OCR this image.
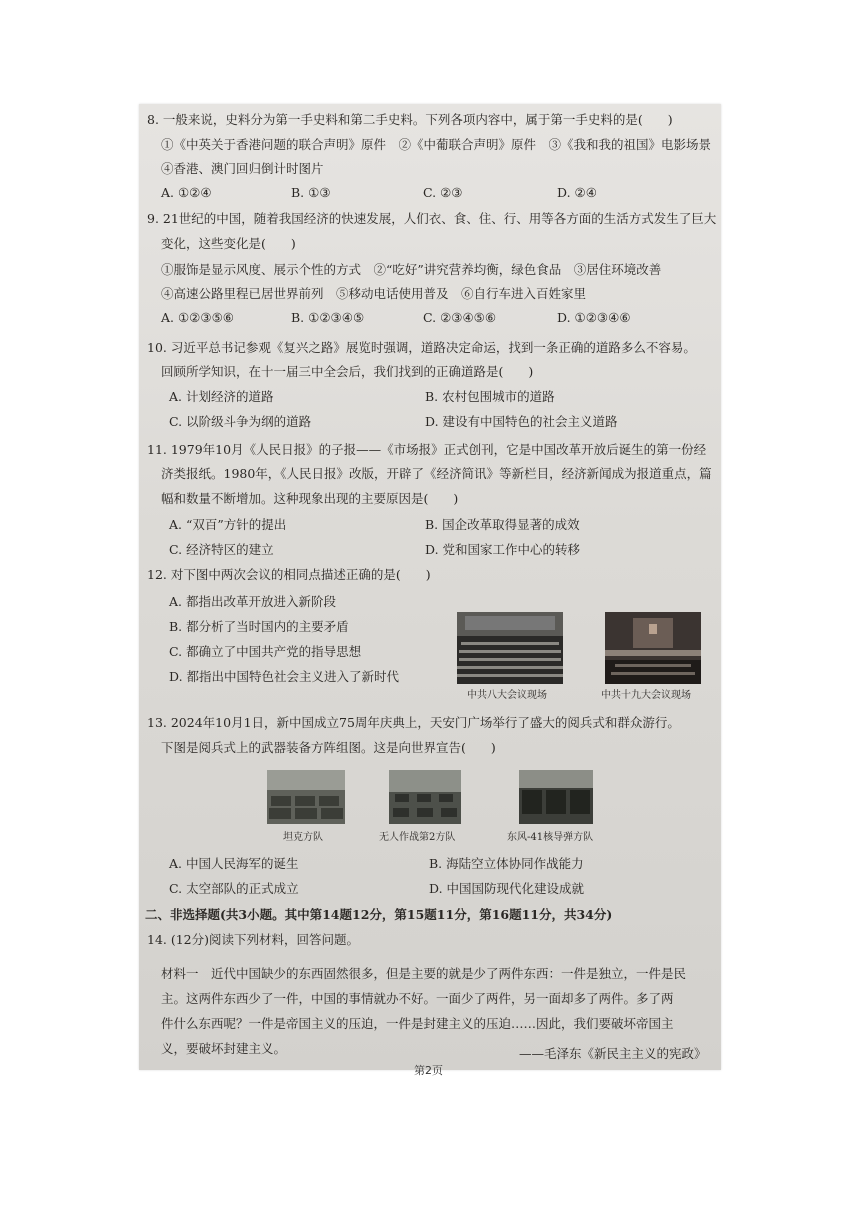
8. 一般来说，史料分为第一手史料和第二手史料。下列各项内容中，属于第一手史料的是(　　)
①《中英关于香港问题的联合声明》原件　②《中葡联合声明》原件　③《我和我的祖国》电影场景
④香港、澳门回归倒计时图片
A. ①②④	B. ①③	C. ②③	D. ②④
9. 21世纪的中国，随着我国经济的快速发展，人们衣、食、住、行、用等各方面的生活方式发生了巨大
变化，这些变化是(　　)
①服饰是显示风度、展示个性的方式　②“吃好”讲究营养均衡，绿色食品　③居住环境改善
④高速公路里程已居世界前列　⑤移动电话使用普及　⑥自行车进入百姓家里
A. ①②③⑤⑥	B. ①②③④⑤	C. ②③④⑤⑥	D. ①②③④⑥
10. 习近平总书记参观《复兴之路》展览时强调，道路决定命运，找到一条正确的道路多么不容易。
回顾所学知识，在十一届三中全会后，我们找到的正确道路是(　　)
A. 计划经济的道路	B. 农村包围城市的道路
C. 以阶级斗争为纲的道路	D. 建设有中国特色的社会主义道路
11. 1979年10月《人民日报》的子报——《市场报》正式创刊，它是中国改革开放后诞生的第一份经
济类报纸。1980年，《人民日报》改版，开辟了《经济简讯》等新栏目，经济新闻成为报道重点，篇
幅和数量不断增加。这种现象出现的主要原因是(　　)
A. “双百”方针的提出	B. 国企改革取得显著的成效
C. 经济特区的建立	D. 党和国家工作中心的转移
12. 对下图中两次会议的相同点描述正确的是(　　)
A. 都指出改革开放进入新阶段
B. 都分析了当时国内的主要矛盾
C. 都确立了中国共产党的指导思想
D. 都指出中国特色社会主义进入了新时代
中共八大会议现场	中共十九大会议现场
13. 2024年10月1日，新中国成立75周年庆典上，天安门广场举行了盛大的阅兵式和群众游行。
下图是阅兵式上的武器装备方阵组图。这是向世界宣告(　　)
坦克方队	无人作战第2方队	东风-41核导弹方队
A. 中国人民海军的诞生	B. 海陆空立体协同作战能力
C. 太空部队的正式成立	D. 中国国防现代化建设成就
二、非选择题(共3小题。其中第14题12分，第15题11分，第16题11分，共34分)
14. (12分)阅读下列材料，回答问题。
材料一　近代中国缺少的东西固然很多，但是主要的就是少了两件东西：一件是独立，一件是民
主。这两件东西少了一件，中国的事情就办不好。一面少了两件，另一面却多了两件。多了两
件什么东西呢？一件是帝国主义的压迫，一件是封建主义的压迫……因此，我们要破坏帝国主
义，要破坏封建主义。	——毛泽东《新民主主义的宪政》
第2页
